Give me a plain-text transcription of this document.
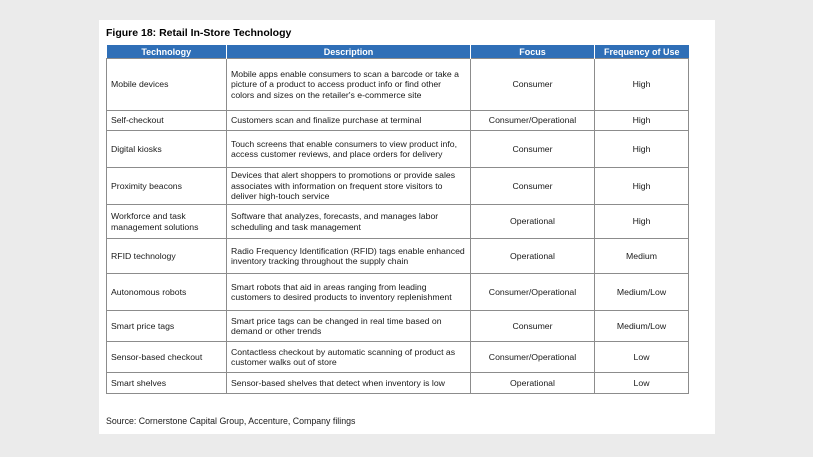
Figure 18: Retail In-Store Technology
Technology	Description	Focus	Frequency of Use
Mobile devices	Mobile apps enable consumers to scan a barcode or take a picture of a product to access product info or find other colors and sizes on the retailer's e-commerce site	Consumer	High
Self-checkout	Customers scan and finalize purchase at terminal	Consumer/Operational	High
Digital kiosks	Touch screens that enable consumers to view product info, access customer reviews, and place orders for delivery	Consumer	High
Proximity beacons	Devices that alert shoppers to promotions or provide sales associates with information on frequent store visitors to deliver high-touch service	Consumer	High
Workforce and task management solutions	Software that analyzes, forecasts, and manages labor scheduling and task management	Operational	High
RFID technology	Radio Frequency Identification (RFID) tags enable enhanced inventory tracking throughout the supply chain	Operational	Medium
Autonomous robots	Smart robots that aid in areas ranging from leading customers to desired products to inventory replenishment	Consumer/Operational	Medium/Low
Smart price tags	Smart price tags can be changed in real time based on demand or other trends	Consumer	Medium/Low
Sensor-based checkout	Contactless checkout by automatic scanning of product as customer walks out of store	Consumer/Operational	Low
Smart shelves	Sensor-based shelves that detect when inventory is low	Operational	Low
Source: Cornerstone Capital Group, Accenture, Company filings
